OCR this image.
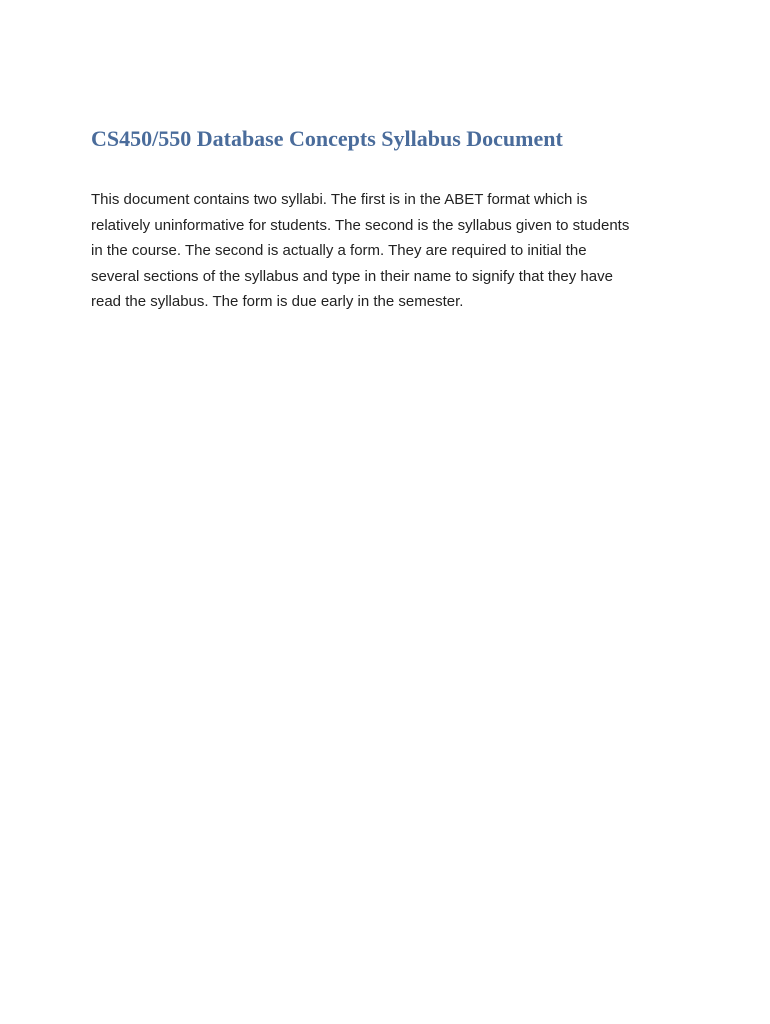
CS450/550 Database Concepts Syllabus Document

This document contains two syllabi. The first is in the ABET format which is
relatively uninformative for students. The second is the syllabus given to students
in the course. The second is actually a form. They are required to initial the
several sections of the syllabus and type in their name to signify that they have
read the syllabus. The form is due early in the semester.
